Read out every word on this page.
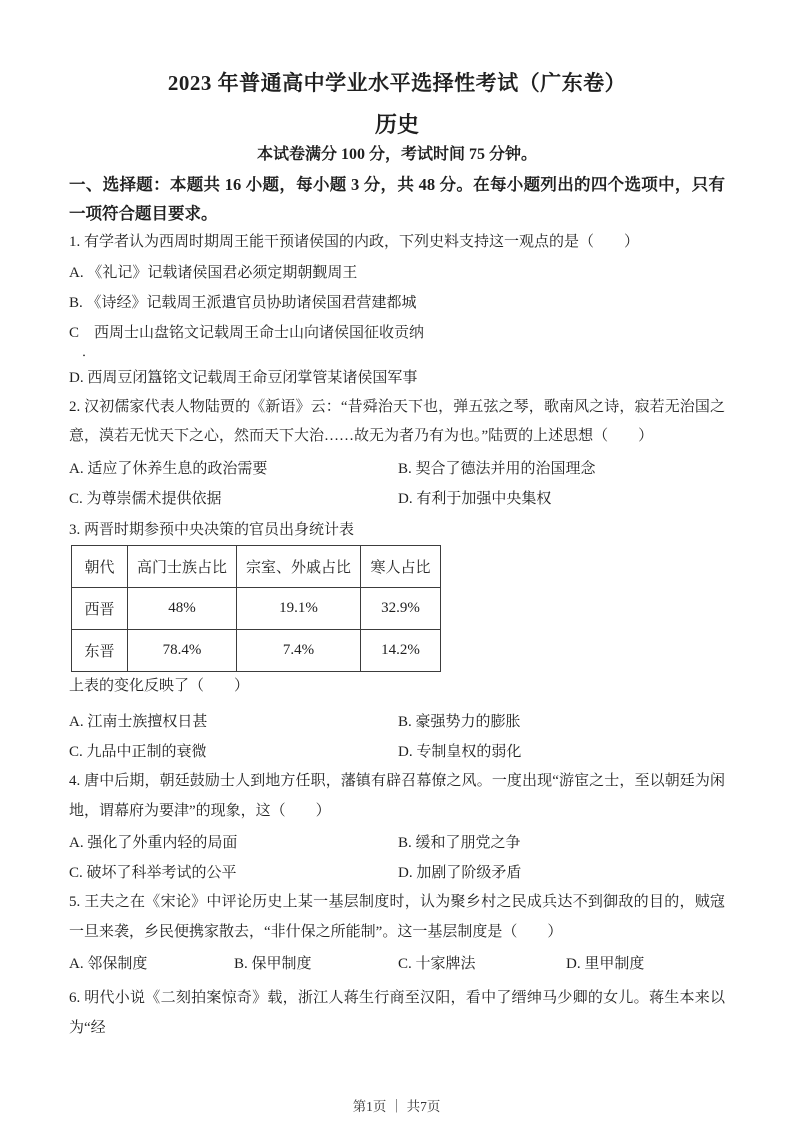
2023 年普通高中学业水平选择性考试（广东卷）
历史
本试卷满分 100 分，考试时间 75 分钟。
一、选择题：本题共 16 小题，每小题 3 分，共 48 分。在每小题列出的四个选项中，只有一项符合题目要求。
1. 有学者认为西周时期周王能干预诸侯国的内政，下列史料支持这一观点的是（　　）
A. 《礼记》记载诸侯国君必须定期朝觐周王
B. 《诗经》记载周王派遣官员协助诸侯国君营建都城
C　西周士山盘铭文记载周王命士山向诸侯国征收贡纳
．
D. 西周豆闭簋铭文记载周王命豆闭掌管某诸侯国军事
2. 汉初儒家代表人物陆贾的《新语》云：“昔舜治天下也，弹五弦之琴，歌南风之诗，寂若无治国之意，漠若无忧天下之心，然而天下大治……故无为者乃有为也。”陆贾的上述思想（　　）
A. 适应了休养生息的政治需要	B. 契合了德法并用的治国理念
C. 为尊崇儒术提供依据	D. 有利于加强中央集权
3. 两晋时期参预中央决策的官员出身统计表
朝代	高门士族占比	宗室、外戚占比	寒人占比
西晋	48%	19.1%	32.9%
东晋	78.4%	7.4%	14.2%
上表的变化反映了（　　）
A. 江南士族擅权日甚	B. 豪强势力的膨胀
C. 九品中正制的衰微	D. 专制皇权的弱化
4. 唐中后期，朝廷鼓励士人到地方任职，藩镇有辟召幕僚之风。一度出现“游宦之士，至以朝廷为闲地，谓幕府为要津”的现象，这（　　）
A. 强化了外重内轻的局面	B. 缓和了朋党之争
C. 破坏了科举考试的公平	D. 加剧了阶级矛盾
5. 王夫之在《宋论》中评论历史上某一基层制度时，认为聚乡村之民成兵达不到御敌的目的，贼寇一旦来袭，乡民便携家散去，“非什保之所能制”。这一基层制度是（　　）
A. 邻保制度	B. 保甲制度	C. 十家牌法	D. 里甲制度
6. 明代小说《二刻拍案惊奇》载，浙江人蒋生行商至汉阳，看中了缙绅马少卿的女儿。蒋生本来以为“经
第1页 ｜ 共7页
